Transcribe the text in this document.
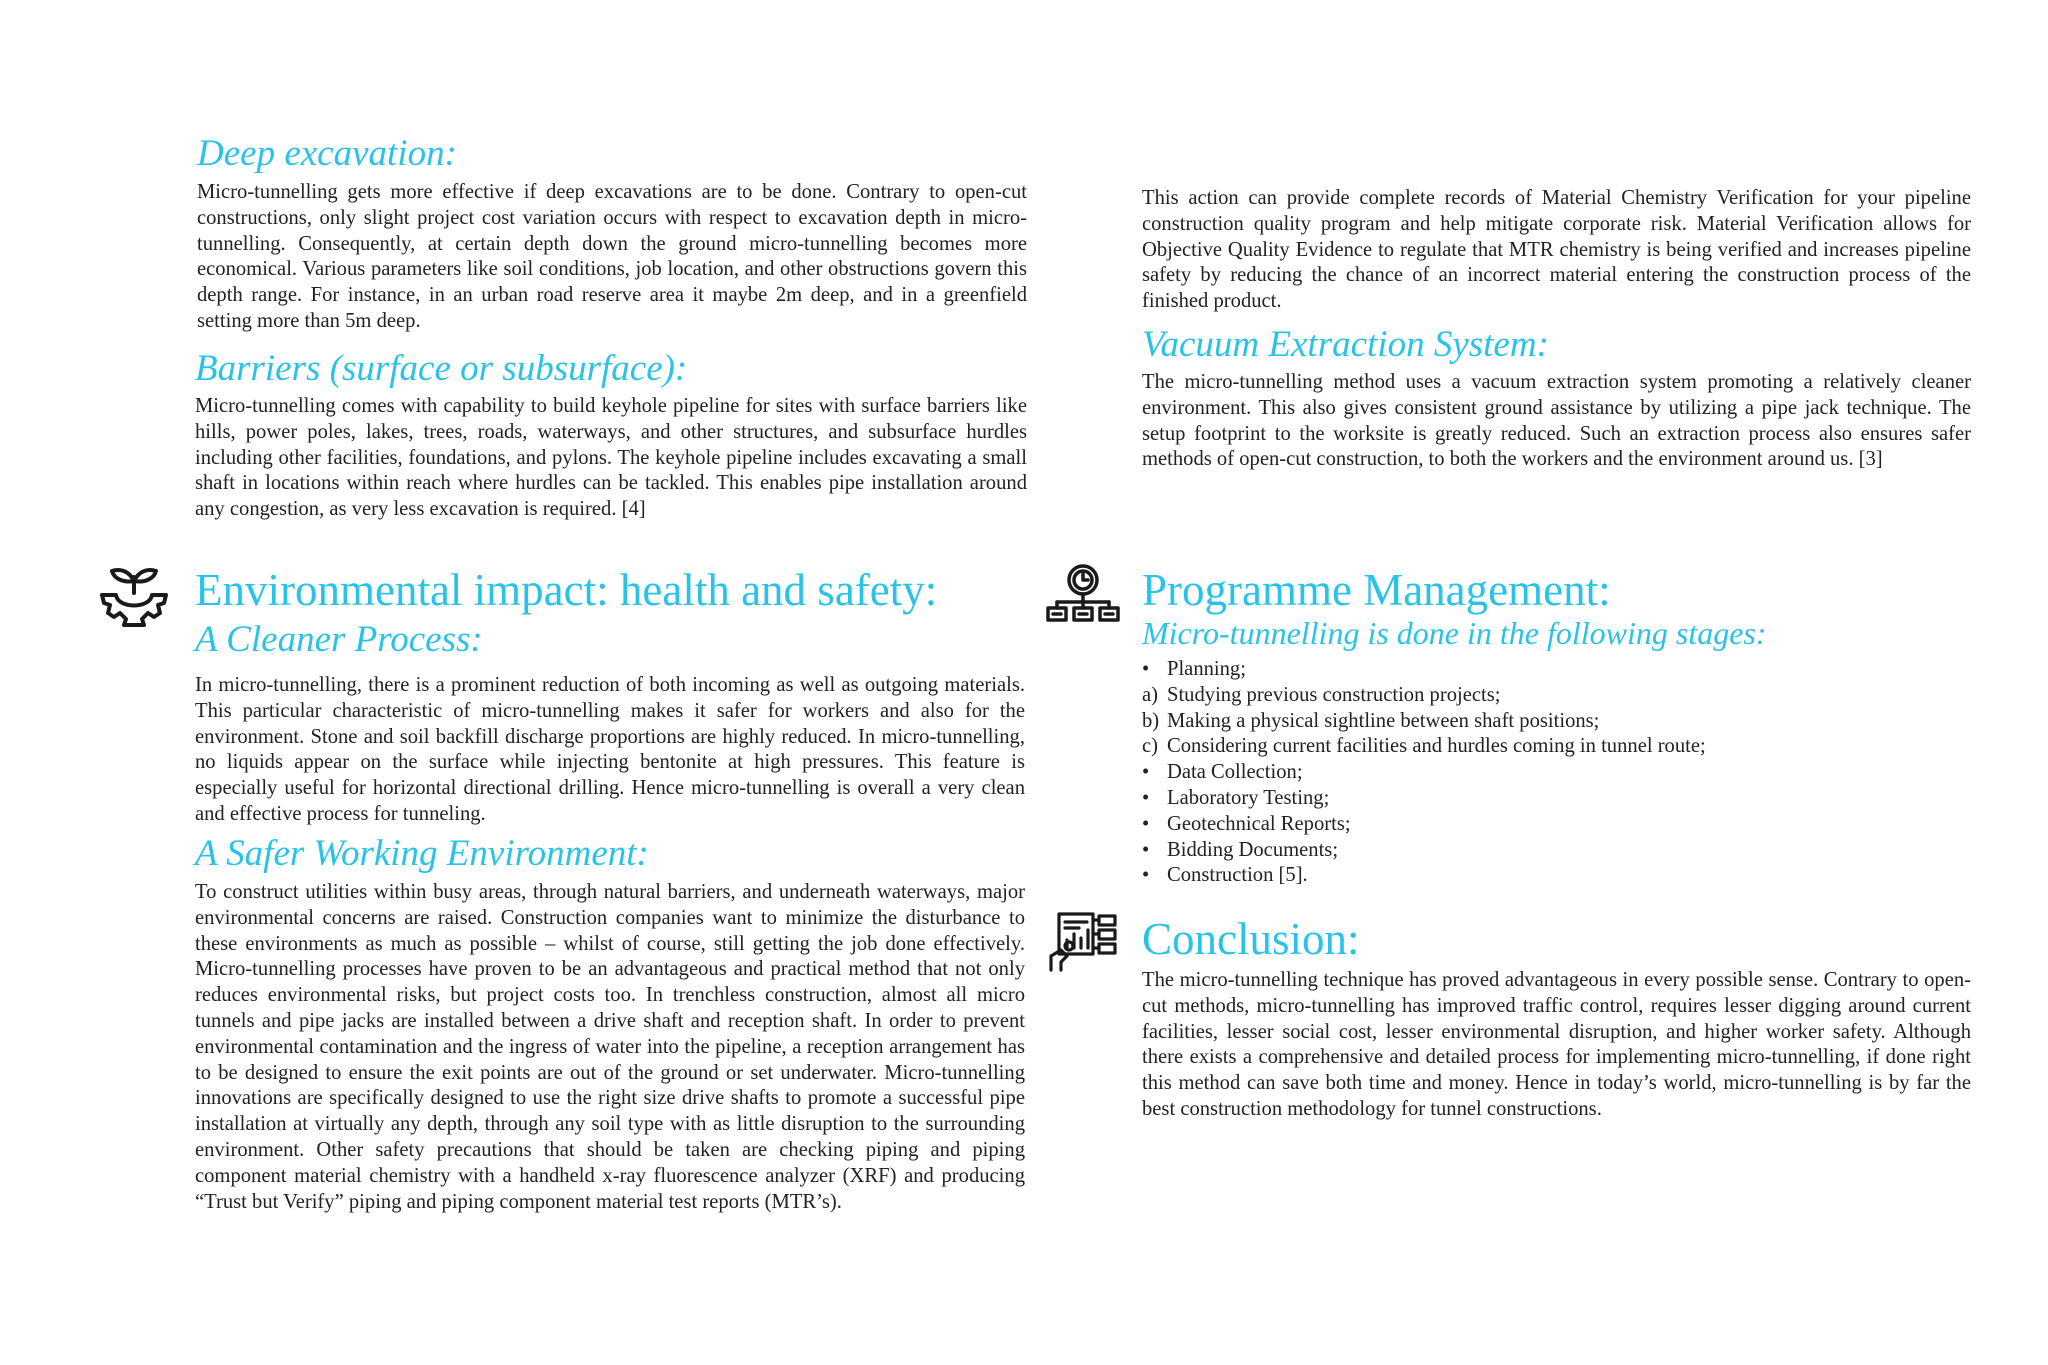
Deep excavation:

Micro-tunnelling gets more effective if deep excavations are to be done. Contrary to open-cut constructions, only slight project cost variation occurs with respect to excavation depth in micro-tunnelling. Consequently, at certain depth down the ground micro-tunnelling becomes more economical. Various parameters like soil conditions, job location, and other obstructions govern this depth range. For instance, in an urban road reserve area it maybe 2m deep, and in a greenfield setting more than 5m deep.

Barriers (surface or subsurface):

Micro-tunnelling comes with capability to build keyhole pipeline for sites with surface barriers like hills, power poles, lakes, trees, roads, waterways, and other structures, and subsurface hurdles including other facilities, foundations, and pylons. The keyhole pipeline includes excavating a small shaft in locations within reach where hurdles can be tackled. This enables pipe installation around any congestion, as very less excavation is required. [4]

Environmental impact: health and safety:
A Cleaner Process:

In micro-tunnelling, there is a prominent reduction of both incoming as well as outgoing materials. This particular characteristic of micro-tunnelling makes it safer for workers and also for the environment. Stone and soil backfill discharge proportions are highly reduced. In micro-tunnelling, no liquids appear on the surface while injecting bentonite at high pressures. This feature is especially useful for horizontal directional drilling. Hence micro-tunnelling is overall a very clean and effective process for tunneling.

A Safer Working Environment:

To construct utilities within busy areas, through natural barriers, and underneath waterways, major environmental concerns are raised. Construction companies want to minimize the disturbance to these environments as much as possible – whilst of course, still getting the job done effectively. Micro-tunnelling processes have proven to be an advantageous and practical method that not only reduces environmental risks, but project costs too. In trenchless construction, almost all micro tunnels and pipe jacks are installed between a drive shaft and reception shaft. In order to prevent environmental contamination and the ingress of water into the pipeline, a reception arrangement has to be designed to ensure the exit points are out of the ground or set underwater. Micro-tunnelling innovations are specifically designed to use the right size drive shafts to promote a successful pipe installation at virtually any depth, through any soil type with as little disruption to the surrounding environment. Other safety precautions that should be taken are checking piping and piping component material chemistry with a handheld x-ray fluorescence analyzer (XRF) and producing “Trust but Verify” piping and piping component material test reports (MTR’s).

This action can provide complete records of Material Chemistry Verification for your pipeline construction quality program and help mitigate corporate risk. Material Verification allows for Objective Quality Evidence to regulate that MTR chemistry is being verified and increases pipeline safety by reducing the chance of an incorrect material entering the construction process of the finished product.

Vacuum Extraction System:

The micro-tunnelling method uses a vacuum extraction system promoting a relatively cleaner environment. This also gives consistent ground assistance by utilizing a pipe jack technique. The setup footprint to the worksite is greatly reduced. Such an extraction process also ensures safer methods of open-cut construction, to both the workers and the environment around us. [3]

Programme Management:
Micro-tunnelling is done in the following stages:
• Planning;
a) Studying previous construction projects;
b) Making a physical sightline between shaft positions;
c) Considering current facilities and hurdles coming in tunnel route;
• Data Collection;
• Laboratory Testing;
• Geotechnical Reports;
• Bidding Documents;
• Construction [5].
Conclusion:

The micro-tunnelling technique has proved advantageous in every possible sense. Contrary to open-cut methods, micro-tunnelling has improved traffic control, requires lesser digging around current facilities, lesser social cost, lesser environmental disruption, and higher worker safety. Although there exists a comprehensive and detailed process for implementing micro-tunnelling, if done right this method can save both time and money. Hence in today’s world, micro-tunnelling is by far the best construction methodology for tunnel constructions.
